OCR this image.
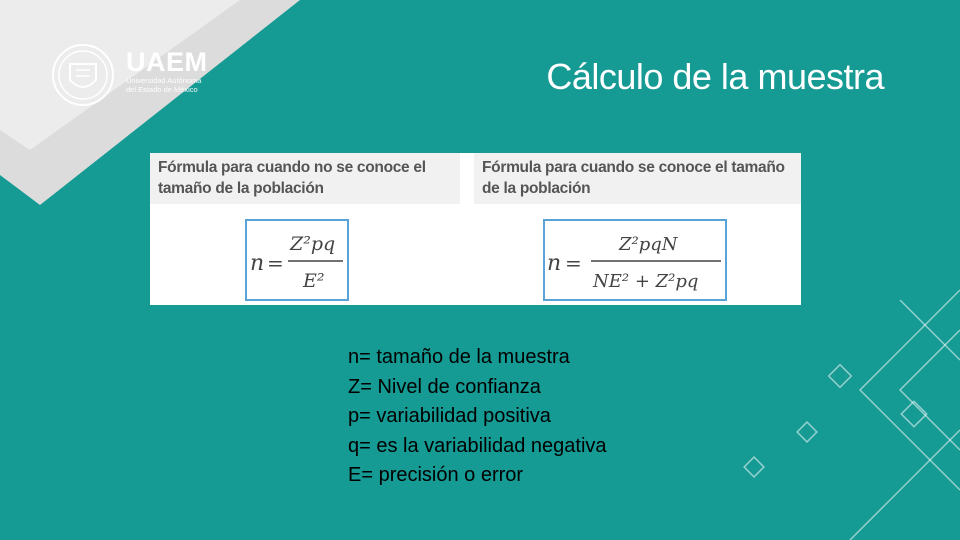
UAEM
Universidad Autónoma
del Estado de México	Cálculo de la muestra
Fórmula para cuando no se conoce el
tamaño de la población
n =
Z²pq
E²
Fórmula para cuando se conoce el tamaño
de la población
n =
Z²pqN
NE² + Z²pq
n= tamaño de la muestra
Z= Nivel de confianza
p= variabilidad positiva
q= es la variabilidad negativa
E= precisión o error
